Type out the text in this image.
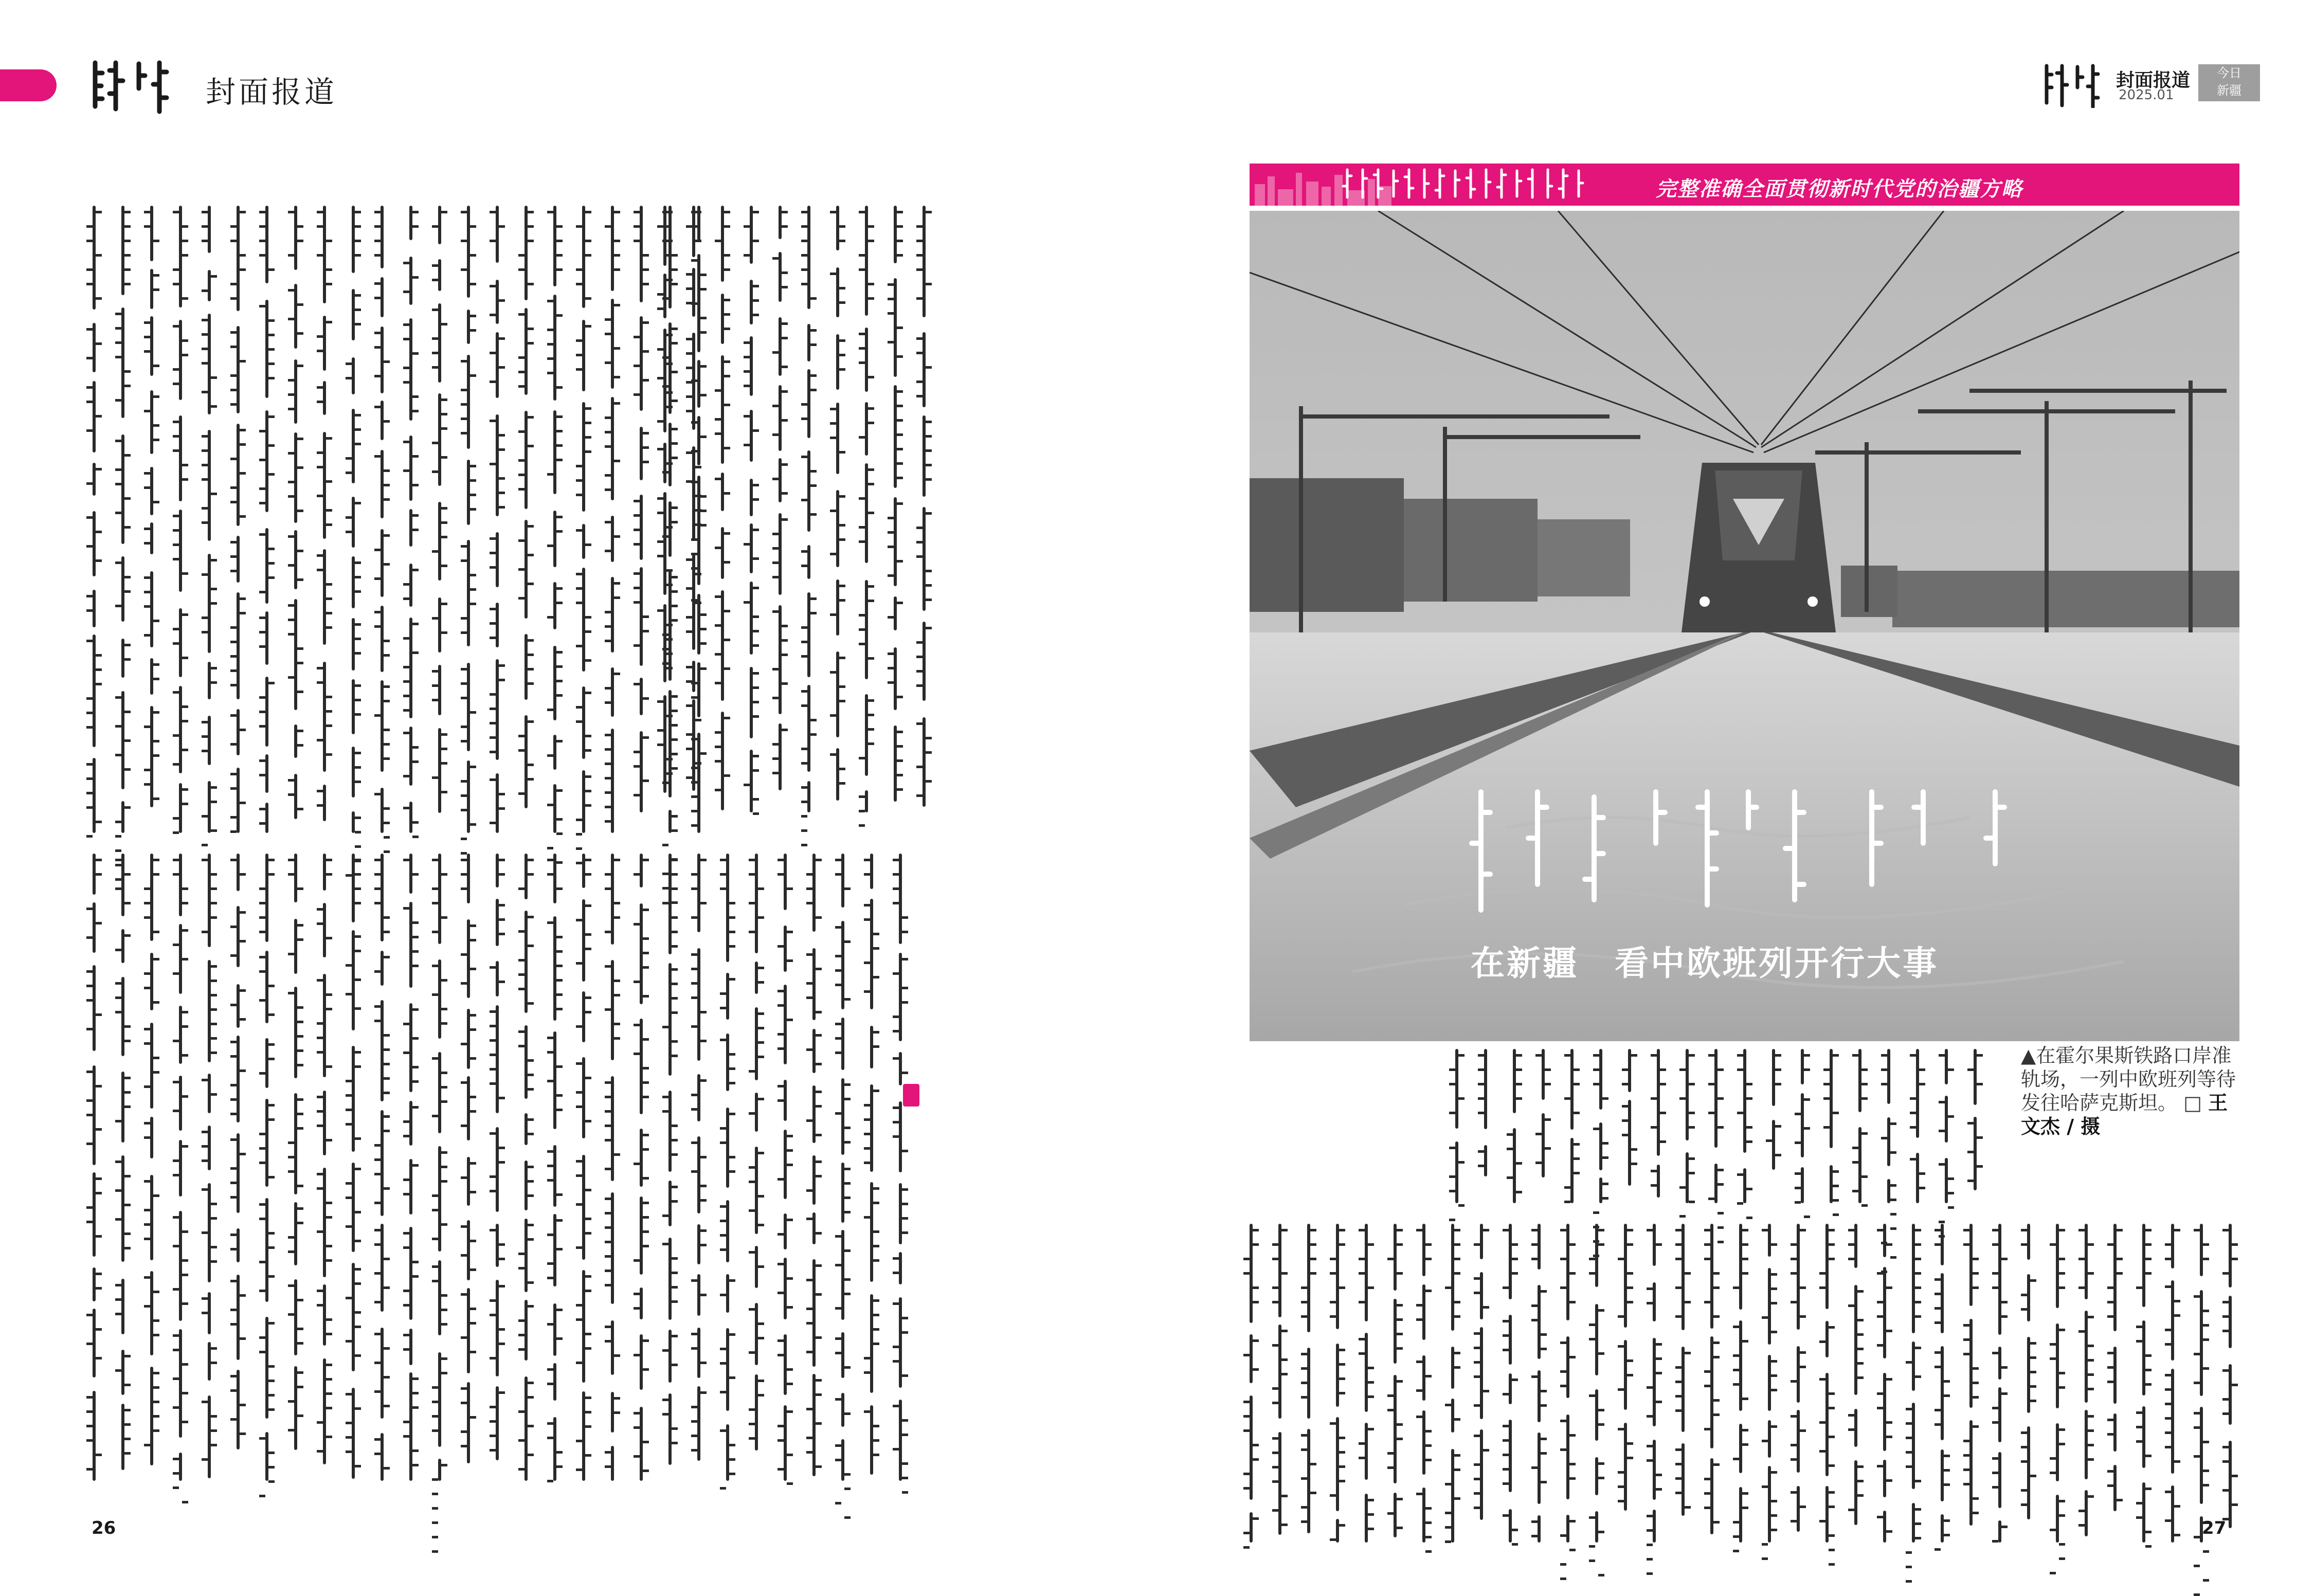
封面报道	封面报道
2025.01
今日
新疆
完整准确全面贯彻新时代党的治疆方略
在新疆　看中欧班列开行大事
▲在霍尔果斯铁路口岸准轨场，一列中欧班列等待发往哈萨克斯坦。 □ 王文杰 / 摄
26	27
